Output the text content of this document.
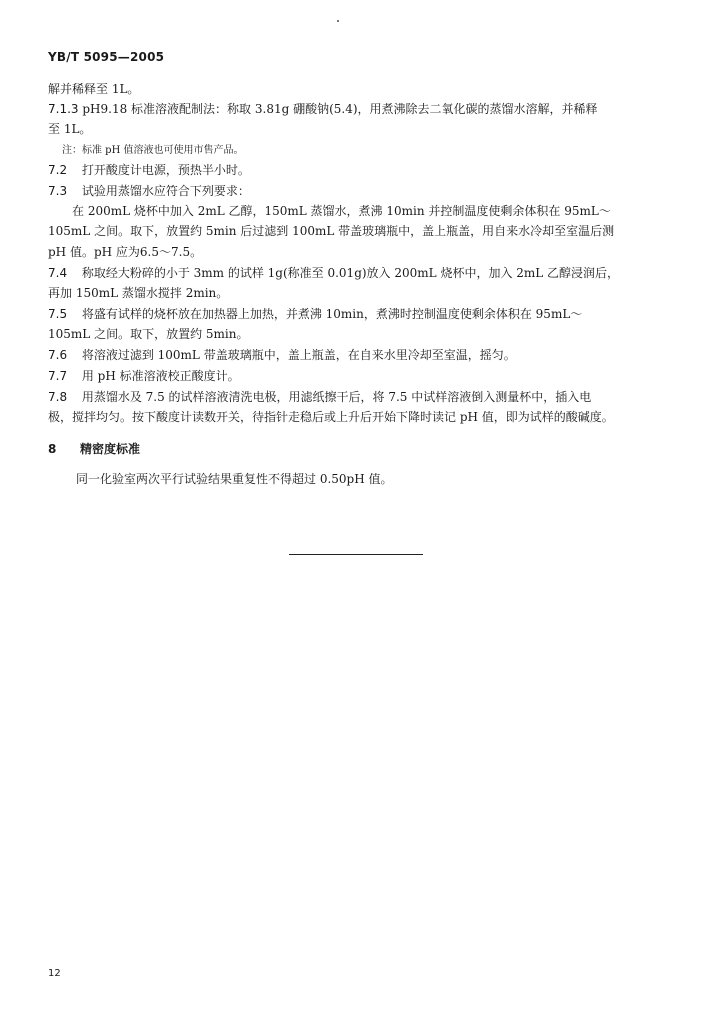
YB/T 5095—2005
解并稀释至 1L。
7.1.3 pH9.18 标准溶液配制法：称取 3.81g 硼酸钠(5.4)，用煮沸除去二氧化碳的蒸馏水溶解，并稀释
至 1L。
注：标准 pH 值溶液也可使用市售产品。
7.2 打开酸度计电源，预热半小时。
7.3 试验用蒸馏水应符合下列要求：
在 200mL 烧杯中加入 2mL 乙醇，150mL 蒸馏水，煮沸 10min 并控制温度使剩余体积在 95mL～
105mL 之间。取下，放置约 5min 后过滤到 100mL 带盖玻璃瓶中，盖上瓶盖，用自来水冷却至室温后测
pH 值。pH 应为6.5～7.5。
7.4 称取经大粉碎的小于 3mm 的试样 1g(称准至 0.01g)放入 200mL 烧杯中，加入 2mL 乙醇浸润后，
再加 150mL 蒸馏水搅拌 2min。
7.5 将盛有试样的烧杯放在加热器上加热，并煮沸 10min，煮沸时控制温度使剩余体积在 95mL～
105mL 之间。取下，放置约 5min。
7.6 将溶液过滤到 100mL 带盖玻璃瓶中，盖上瓶盖，在自来水里冷却至室温，摇匀。
7.7 用 pH 标准溶液校正酸度计。
7.8 用蒸馏水及 7.5 的试样溶液清洗电极，用滤纸擦干后，将 7.5 中试样溶液倒入测量杯中，插入电
极，搅拌均匀。按下酸度计读数开关，待指针走稳后或上升后开始下降时读记 pH 值，即为试样的酸碱度。
8 精密度标准
同一化验室两次平行试验结果重复性不得超过 0.50pH 值。
12
